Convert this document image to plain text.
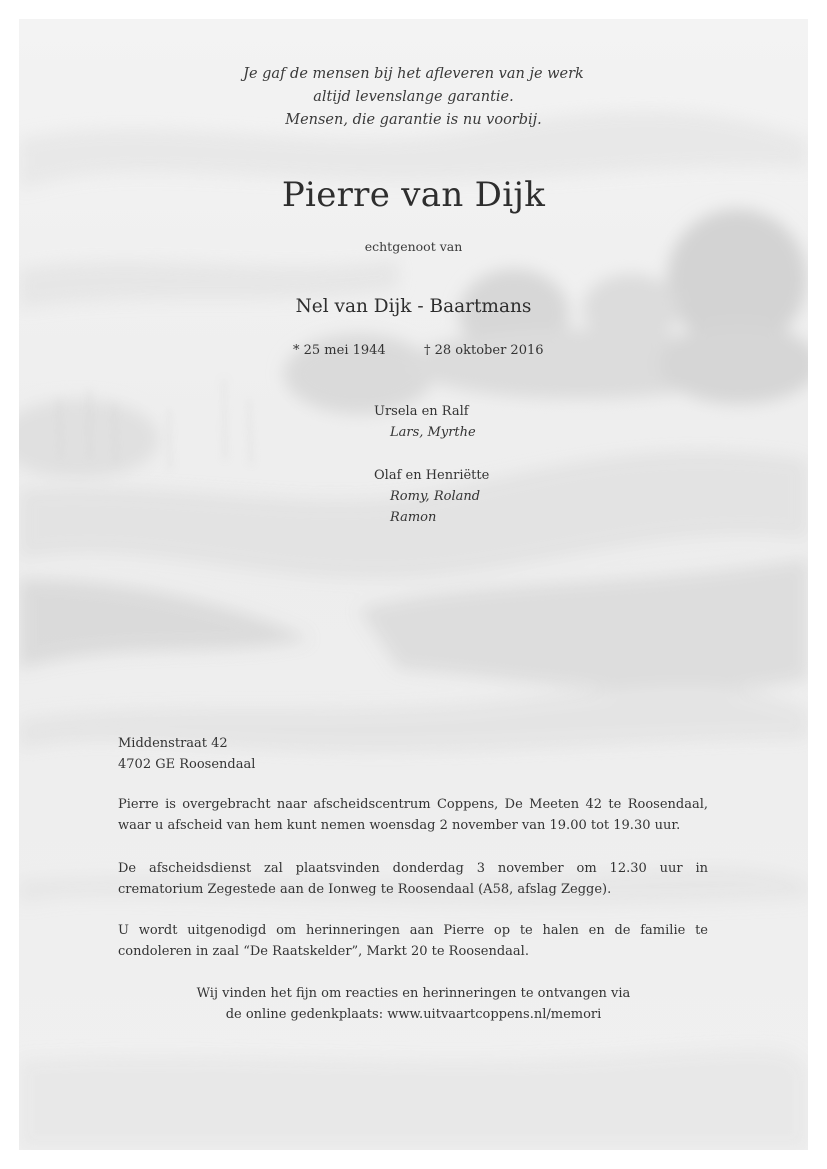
Je gaf de mensen bij het afleveren van je werk
altijd levenslange garantie.
Mensen, die garantie is nu voorbij.
Pierre van Dijk
echtgenoot van
Nel van Dijk - Baartmans
* 25 mei 1944	† 28 oktober 2016
Ursela en Ralf
Lars, Myrthe
Olaf en Henriëtte
Romy, Roland
Ramon
Middenstraat 42
4702 GE Roosendaal

Pierre is overgebracht naar afscheidscentrum Coppens, De Meeten 42 te Roosendaal, waar u afscheid van hem kunt nemen woensdag 2 november van 19.00 tot 19.30 uur.

De afscheidsdienst zal plaatsvinden donderdag 3 november om 12.30 uur in crematorium Zegestede aan de Ionweg te Roosendaal (A58, afslag Zegge).

U wordt uitgenodigd om herinneringen aan Pierre op te halen en de familie te condoleren in zaal “De Raatskelder”, Markt 20 te Roosendaal.

Wij vinden het fijn om reacties en herinneringen te ontvangen via
de online gedenkplaats: www.uitvaartcoppens.nl/memori
